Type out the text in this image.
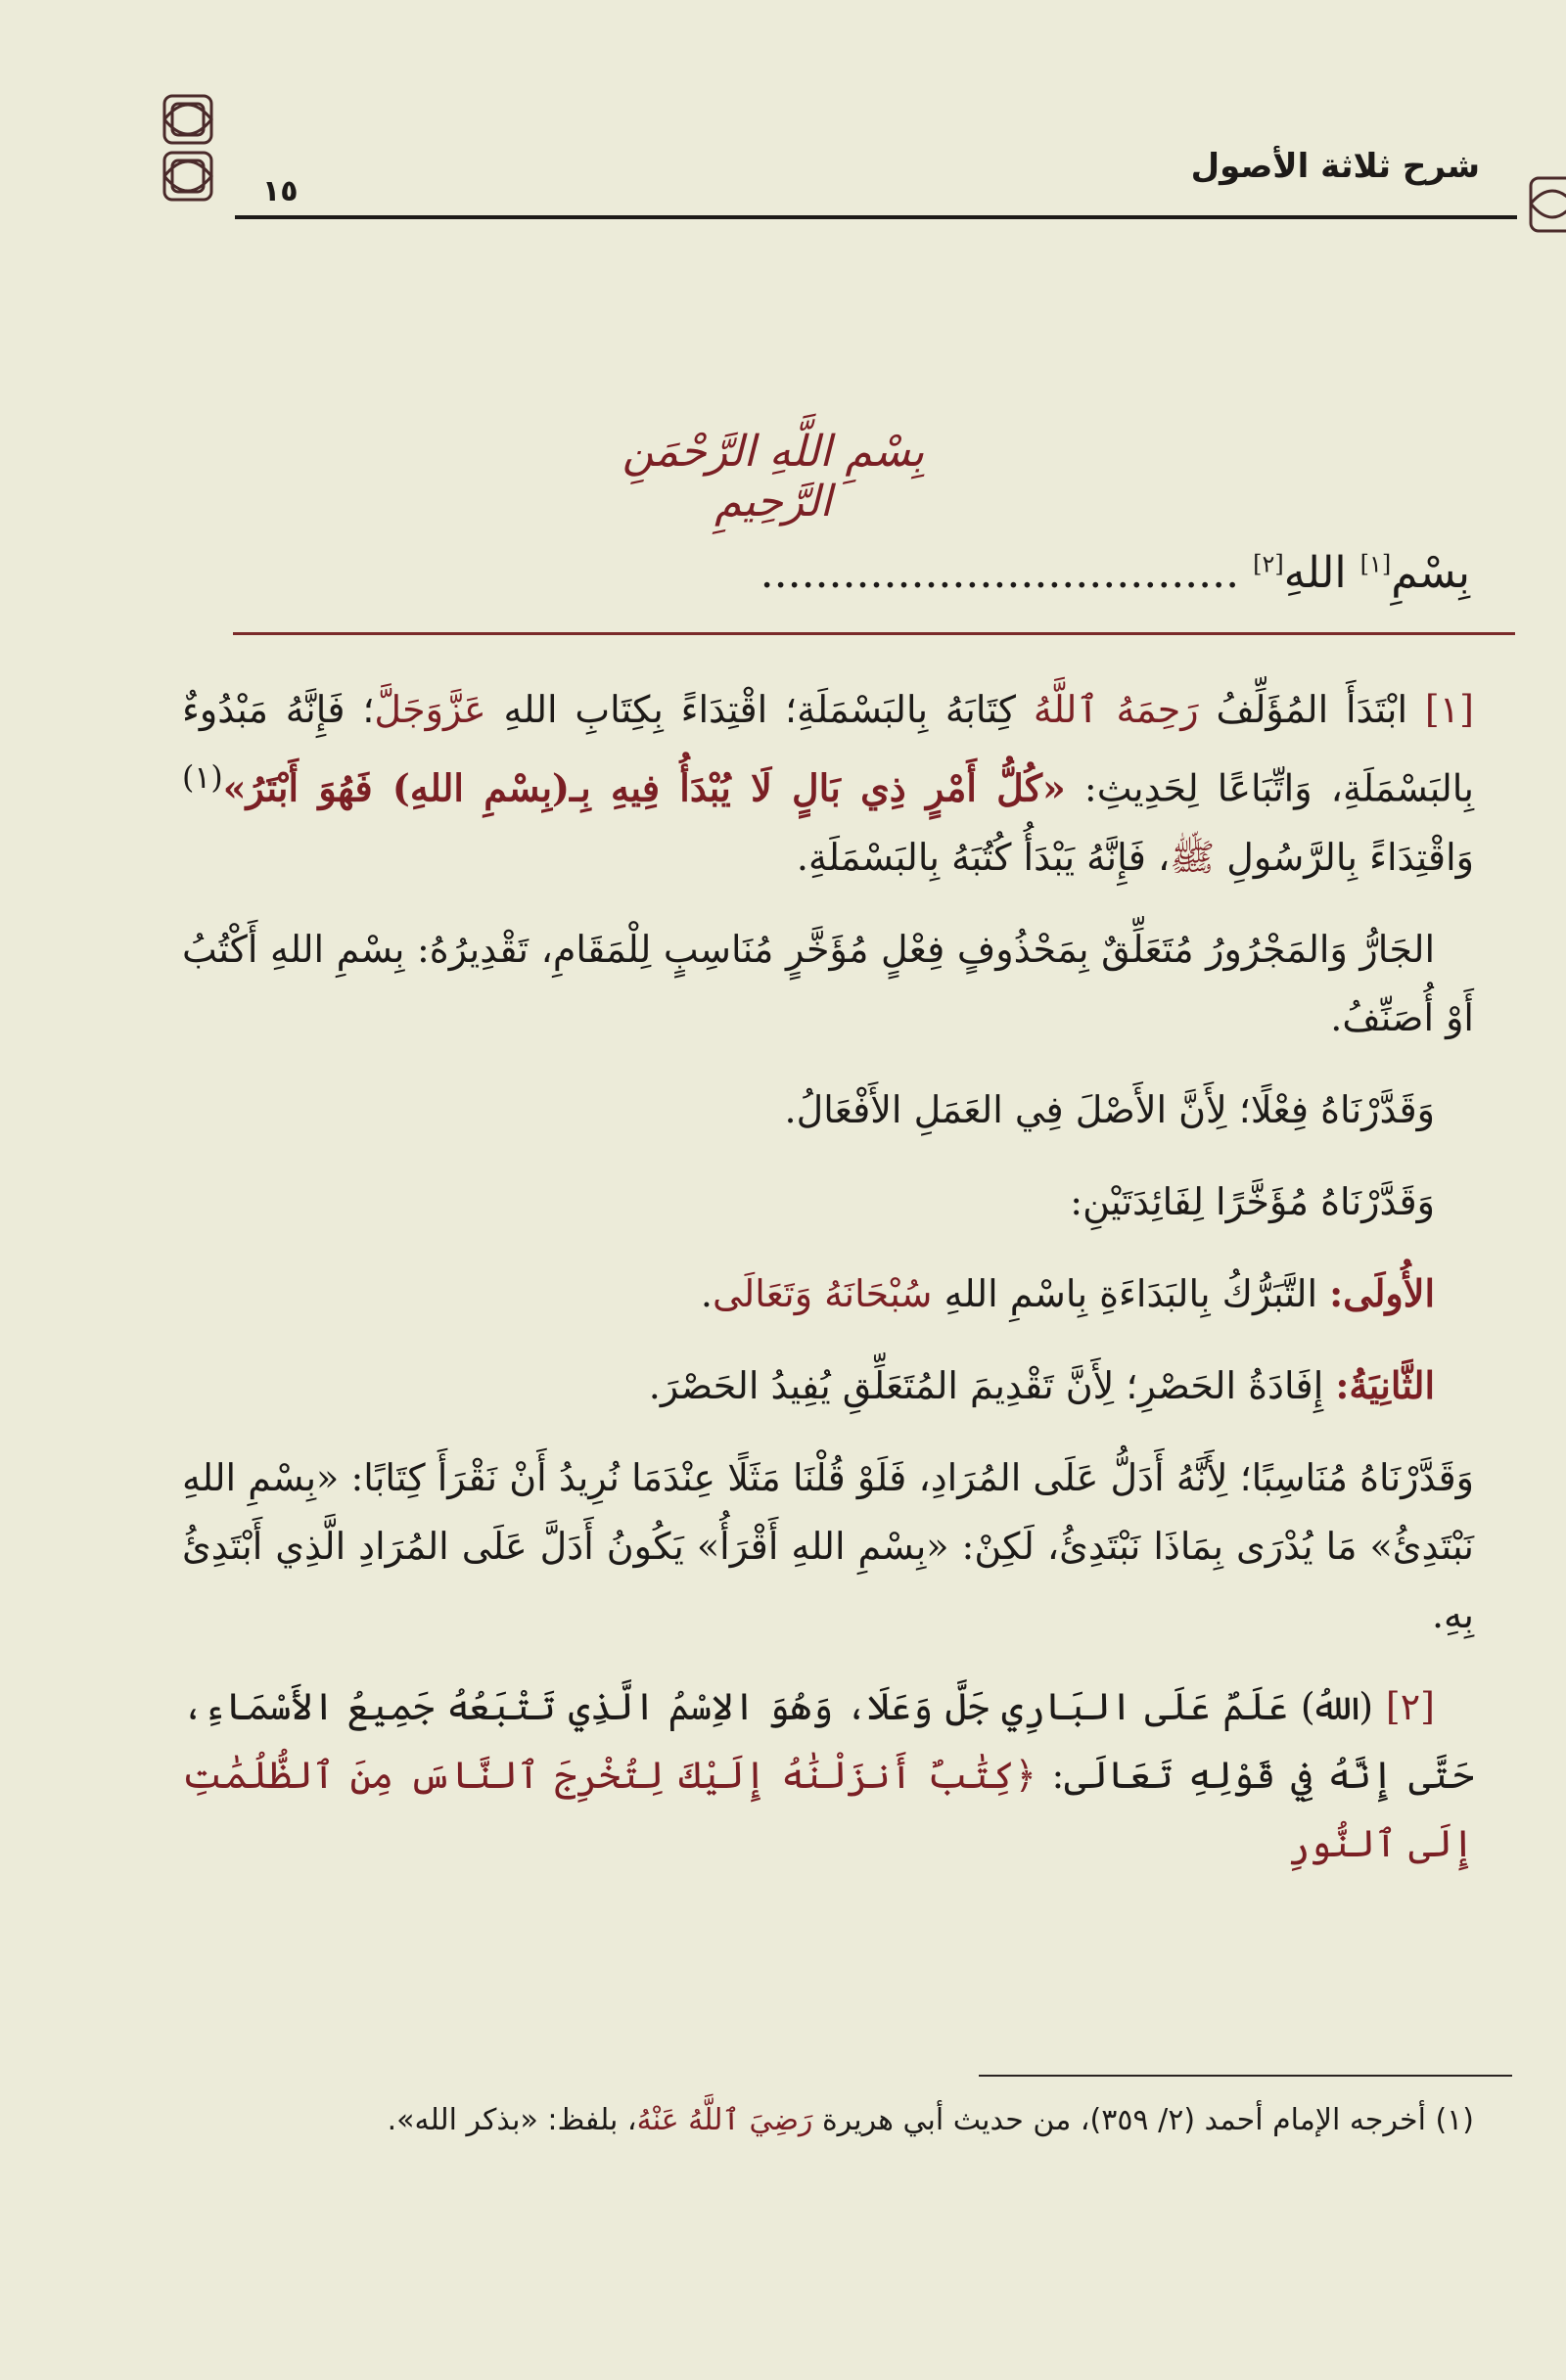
شرح ثلاثة الأصول
١٥
بِسْمِ اللَّهِ الرَّحْمَنِ الرَّحِيمِ
بِسْمِ[١] اللهِ[٢] ...................................

[١] ابْتَدَأَ المُؤَلِّفُ رَحِمَهُ ٱللَّهُ كِتَابَهُ بِالبَسْمَلَةِ؛ اقْتِدَاءً بِكِتَابِ اللهِ عَزَّوَجَلَّ؛ فَإِنَّهُ مَبْدُوءٌ بِالبَسْمَلَةِ، وَاتِّبَاعًا لِحَدِيثِ: «كُلُّ أَمْرٍ ذِي بَالٍ لَا يُبْدَأُ فِيهِ بِـ(بِسْمِ اللهِ) فَهُوَ أَبْتَرُ»$^{(١)}$ وَاقْتِدَاءً بِالرَّسُولِ ﷺ، فَإِنَّهُ يَبْدَأُ كُتُبَهُ بِالبَسْمَلَةِ.

الجَارُّ وَالمَجْرُورُ مُتَعَلِّقٌ بِمَحْذُوفٍ فِعْلٍ مُؤَخَّرٍ مُنَاسِبٍ لِلْمَقَامِ، تَقْدِيرُهُ: بِسْمِ اللهِ أَكْتُبُ أَوْ أُصَنِّفُ.

وَقَدَّرْنَاهُ فِعْلًا؛ لِأَنَّ الأَصْلَ فِي العَمَلِ الأَفْعَالُ.

وَقَدَّرْنَاهُ مُؤَخَّرًا لِفَائِدَتَيْنِ:

الأُولَى: التَّبَرُّكُ بِالبَدَاءَةِ بِاسْمِ اللهِ سُبْحَانَهُ وَتَعَالَى.

الثَّانِيَةُ: إِفَادَةُ الحَصْرِ؛ لِأَنَّ تَقْدِيمَ المُتَعَلِّقِ يُفِيدُ الحَصْرَ.

وَقَدَّرْنَاهُ مُنَاسِبًا؛ لِأَنَّهُ أَدَلُّ عَلَى المُرَادِ، فَلَوْ قُلْنَا مَثَلًا عِنْدَمَا نُرِيدُ أَنْ نَقْرَأَ كِتَابًا: «بِسْمِ اللهِ نَبْتَدِئُ» مَا يُدْرَى بِمَاذَا نَبْتَدِئُ، لَكِنْ: «بِسْمِ اللهِ أَقْرَأُ» يَكُونُ أَدَلَّ عَلَى المُرَادِ الَّذِي أَبْتَدِئُ بِهِ.

[٢] (اللهُ) عَلَمٌ عَلَى البَارِي جَلَّ وَعَلَا، وَهُوَ الاِسْمُ الَّذِي تَتْبَعُهُ جَمِيعُ الأَسْمَاءِ، حَتَّى إِنَّهُ فِي قَوْلِهِ تَعَالَى: ﴿كِتَٰبٌ أَنزَلْنَٰهُ إِلَيْكَ لِتُخْرِجَ ٱلنَّاسَ مِنَ ٱلظُّلُمَٰتِ إِلَى ٱلنُّورِ

(١) أخرجه الإمام أحمد (٢/ ٣٥٩)، من حديث أبي هريرة رَضِيَ ٱللَّهُ عَنْهُ، بلفظ: «بذكر الله».
